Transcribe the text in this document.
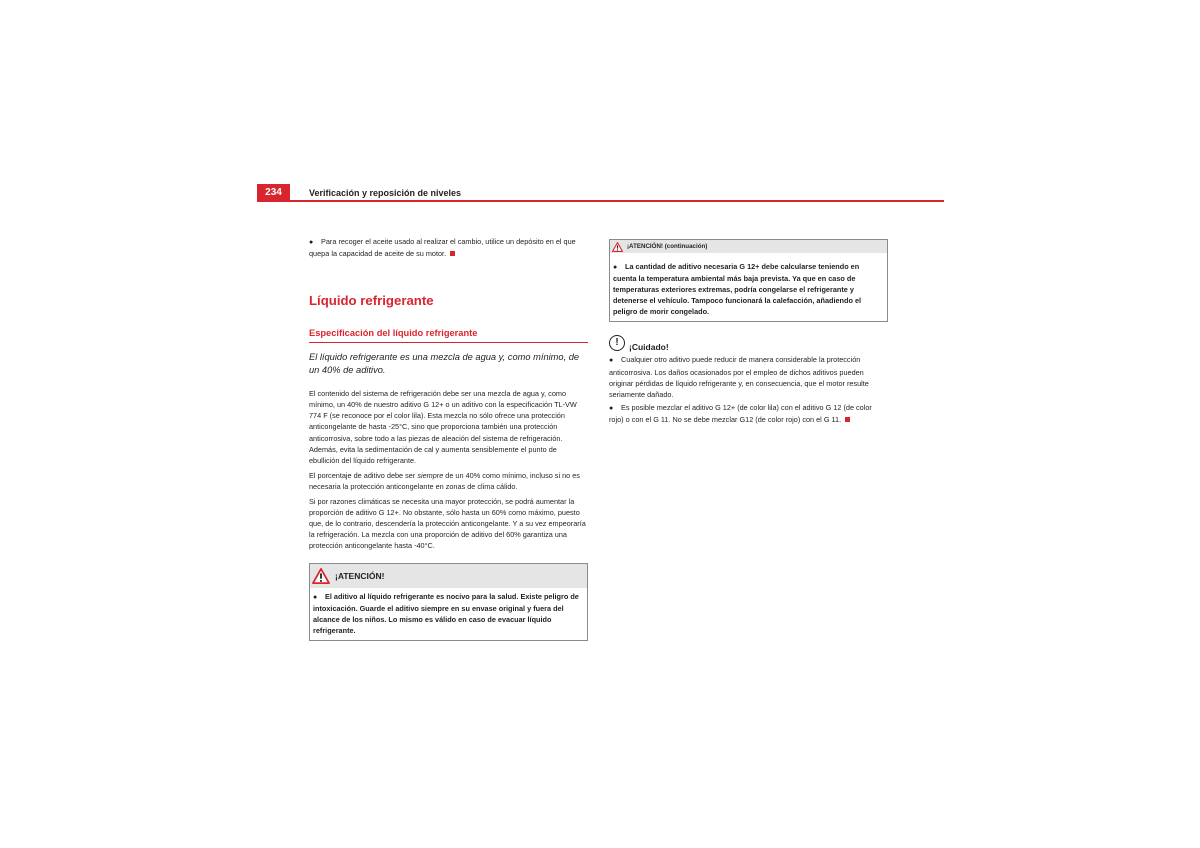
234	Verificación y reposición de niveles

● Para recoger el aceite usado al realizar el cambio, utilice un depósito en el que quepa la capacidad de aceite de su motor.

Líquido refrigerante
Especificación del líquido refrigerante
El líquido refrigerante es una mezcla de agua y, como mínimo, de un 40% de aditivo.

El contenido del sistema de refrigeración debe ser una mezcla de agua y, como mínimo, un 40% de nuestro aditivo G 12+ o un aditivo con la especificación TL-VW 774 F (se reconoce por el color lila). Esta mezcla no sólo ofrece una protección anticongelante de hasta -25°C, sino que proporciona también una protección anticorrosiva, sobre todo a las piezas de aleación del sistema de refrigeración. Además, evita la sedimentación de cal y aumenta sensiblemente el punto de ebullición del líquido refrigerante.

El porcentaje de aditivo debe ser siempre de un 40% como mínimo, incluso si no es necesaria la protección anticongelante en zonas de clima cálido.

Si por razones climáticas se necesita una mayor protección, se podrá aumentar la proporción de aditivo G 12+. No obstante, sólo hasta un 60% como máximo, puesto que, de lo contrario, descendería la protección anticongelante. Y a su vez empeoraría la refrigeración. La mezcla con una proporción de aditivo del 60% garantiza una protección anticongelante hasta -40°C.

¡ATENCIÓN!
● El aditivo al líquido refrigerante es nocivo para la salud. Existe peligro de intoxicación. Guarde el aditivo siempre en su envase original y fuera del alcance de los niños. Lo mismo es válido en caso de evacuar líquido refrigerante.
¡ATENCIÓN! (continuación)
● La cantidad de aditivo necesaria G 12+ debe calcularse teniendo en cuenta la temperatura ambiental más baja prevista. Ya que en caso de temperaturas exteriores extremas, podría congelarse el refrigerante y detenerse el vehículo. Tampoco funcionará la calefacción, añadiendo el peligro de morir congelado.
!	¡Cuidado!

● Cualquier otro aditivo puede reducir de manera considerable la protección anticorrosiva. Los daños ocasionados por el empleo de dichos aditivos pueden originar pérdidas de líquido refrigerante y, en consecuencia, que el motor resulte seriamente dañado.

● Es posible mezclar el aditivo G 12+ (de color lila) con el aditivo G 12 (de color rojo) o con el G 11. No se debe mezclar G12 (de color rojo) con el G 11.
